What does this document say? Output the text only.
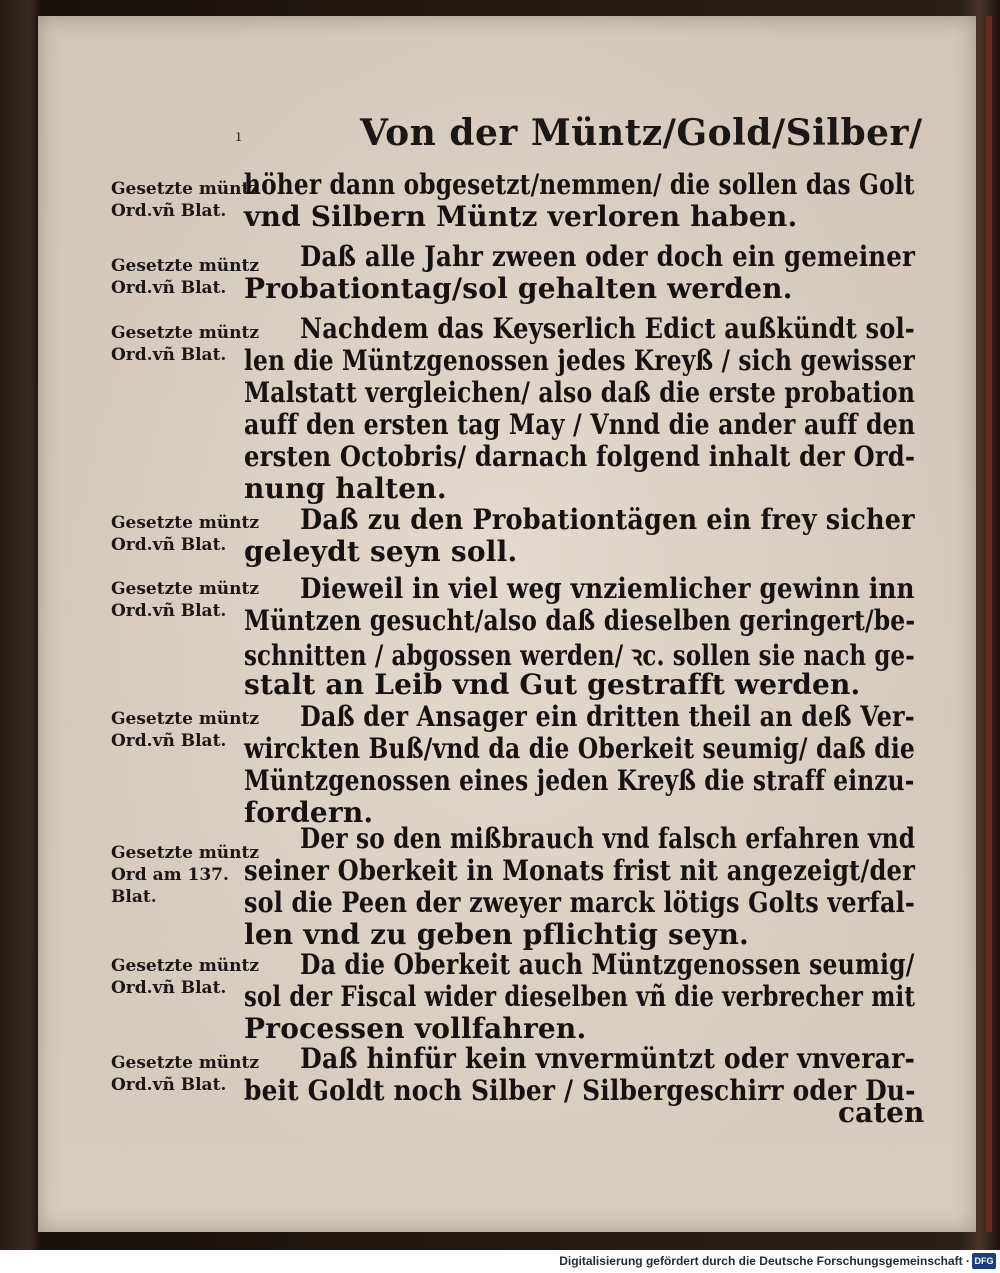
ı	Von der Müntz/Gold/Silber/
Gesetzte müntz
Ord.vñ Blat.
Gesetzte müntz
Ord.vñ Blat.
Gesetzte müntz
Ord.vñ Blat.
Gesetzte müntz
Ord.vñ Blat.
Gesetzte müntz
Ord.vñ Blat.
Gesetzte müntz
Ord.vñ Blat.
Gesetzte müntz
Ord am 137.
Blat.
Gesetzte müntz
Ord.vñ Blat.
Gesetzte müntz
Ord.vñ Blat.
höher dann obgesetzt/nemmen/ die sollen das Golt
vnd Silbern Müntz verloren haben.
Daß alle Jahr zween oder doch ein gemeiner
Probationtag/sol gehalten werden.
Nachdem das Keyserlich Edict außkündt sol-
len die Müntzgenossen jedes Kreyß / sich gewisser
Malstatt vergleichen/ also daß die erste probation
auff den ersten tag May / Vnnd die ander auff den
ersten Octobris/ darnach folgend inhalt der Ord-
nung halten.
Daß zu den Probationtägen ein frey sicher
geleydt seyn soll.
Dieweil in viel weg vnziemlicher gewinn inn
Müntzen gesucht/also daß dieselben geringert/be-
schnitten / abgossen werden/ ꝛc. sollen sie nach ge-
stalt an Leib vnd Gut gestrafft werden.
Daß der Ansager ein dritten theil an deß Ver-
wirckten Buß/vnd da die Oberkeit seumig/ daß die
Müntzgenossen eines jeden Kreyß die straff einzu-
fordern.
Der so den mißbrauch vnd falsch erfahren vnd
seiner Oberkeit in Monats frist nit angezeigt/der
sol die Peen der zweyer marck lötigs Golts verfal-
len vnd zu geben pflichtig seyn.
Da die Oberkeit auch Müntzgenossen seumig/
sol der Fiscal wider dieselben vñ die verbrecher mit
Processen vollfahren.
Daß hinfür kein vnvermüntzt oder vnverar-
beit Goldt noch Silber / Silbergeschirr oder Du-
caten
Digitalisierung gefördert durch die Deutsche Forschungsgemeinschaft · DFG
